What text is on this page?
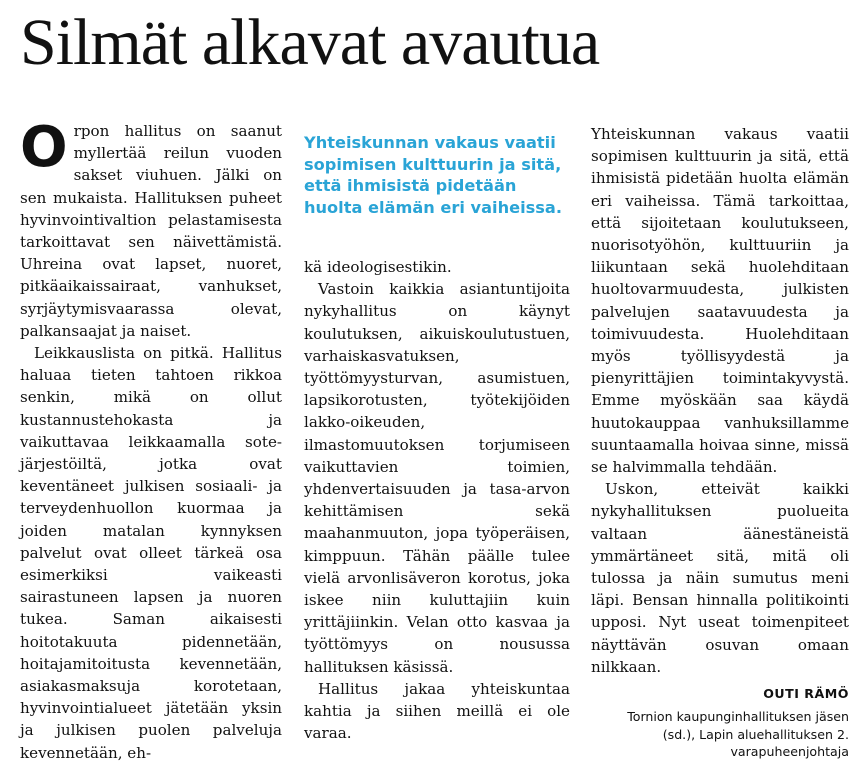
Silmät alkavat avautua

Orpon hallitus on saanut myllertää reilun vuoden sakset viuhuen. Jälki on sen mukaista. Hallituksen puheet hyvinvointivaltion pelastamisesta tarkoittavat sen näivettämistä. Uhreina ovat lapset, nuoret, pitkäaikaissairaat, vanhukset, syrjäytymisvaarassa olevat, palkansaajat ja naiset.

Leikkauslista on pitkä. Hallitus haluaa tieten tahtoen rikkoa senkin, mikä on ollut kustannustehokasta ja vaikuttavaa leikkaamalla sote-järjestöiltä, jotka ovat keventäneet julkisen sosiaali- ja terveydenhuollon kuormaa ja joiden matalan kynnyksen palvelut ovat olleet tärkeä osa esimerkiksi vaikeasti sairastuneen lapsen ja nuoren tukea. Saman aikaisesti hoitotakuuta pidennetään, hoitajamitoitusta kevennetään, asiakasmaksuja korotetaan, hyvinvointialueet jätetään yksin ja julkisen puolen palveluja kevennetään, eh-

Yhteiskunnan vakaus vaatii sopimisen kulttuurin ja sitä, että ihmisistä pidetään huolta elämän eri vaiheissa.

kä ideologisestikin.

Vastoin kaikkia asiantuntijoita nykyhallitus on käynyt koulutuksen, aikuiskoulutustuen, varhaiskasvatuksen, työttömyysturvan, asumistuen, lapsikorotusten, työtekijöiden lakko-oikeuden, ilmastomuutoksen torjumiseen vaikuttavien toimien, yhdenvertaisuuden ja tasa-arvon kehittämisen sekä maahanmuuton, jopa työperäisen, kimppuun. Tähän päälle tulee vielä arvonlisäveron korotus, joka iskee niin kuluttajiin kuin yrittäjiinkin. Velan otto kasvaa ja työttömyys on nousussa hallituksen käsissä.

Hallitus jakaa yhteiskuntaa kahtia ja siihen meillä ei ole varaa.

Yhteiskunnan vakaus vaatii sopimisen kulttuurin ja sitä, että ihmisistä pidetään huolta elämän eri vaiheissa. Tämä tarkoittaa, että sijoitetaan koulutukseen, nuorisotyöhön, kulttuuriin ja liikuntaan sekä huolehditaan huoltovarmuudesta, julkisten palvelujen saatavuudesta ja toimivuudesta. Huolehditaan myös työllisyydestä ja pienyrittäjien toimintakyvystä. Emme myöskään saa käydä huutokauppaa vanhuksillamme suuntaamalla hoivaa sinne, missä se halvimmalla tehdään.

Uskon, etteivät kaikki nykyhallituksen puolueita valtaan äänestäneistä ymmärtäneet sitä, mitä oli tulossa ja näin sumutus meni läpi. Bensan hinnalla politikointi upposi. Nyt useat toimenpiteet näyttävän osuvan omaan nilkkaan.

OUTI RÄMÖ
Tornion kaupunginhallituksen jäsen (sd.), Lapin aluehallituksen 2. varapuheenjohtaja
